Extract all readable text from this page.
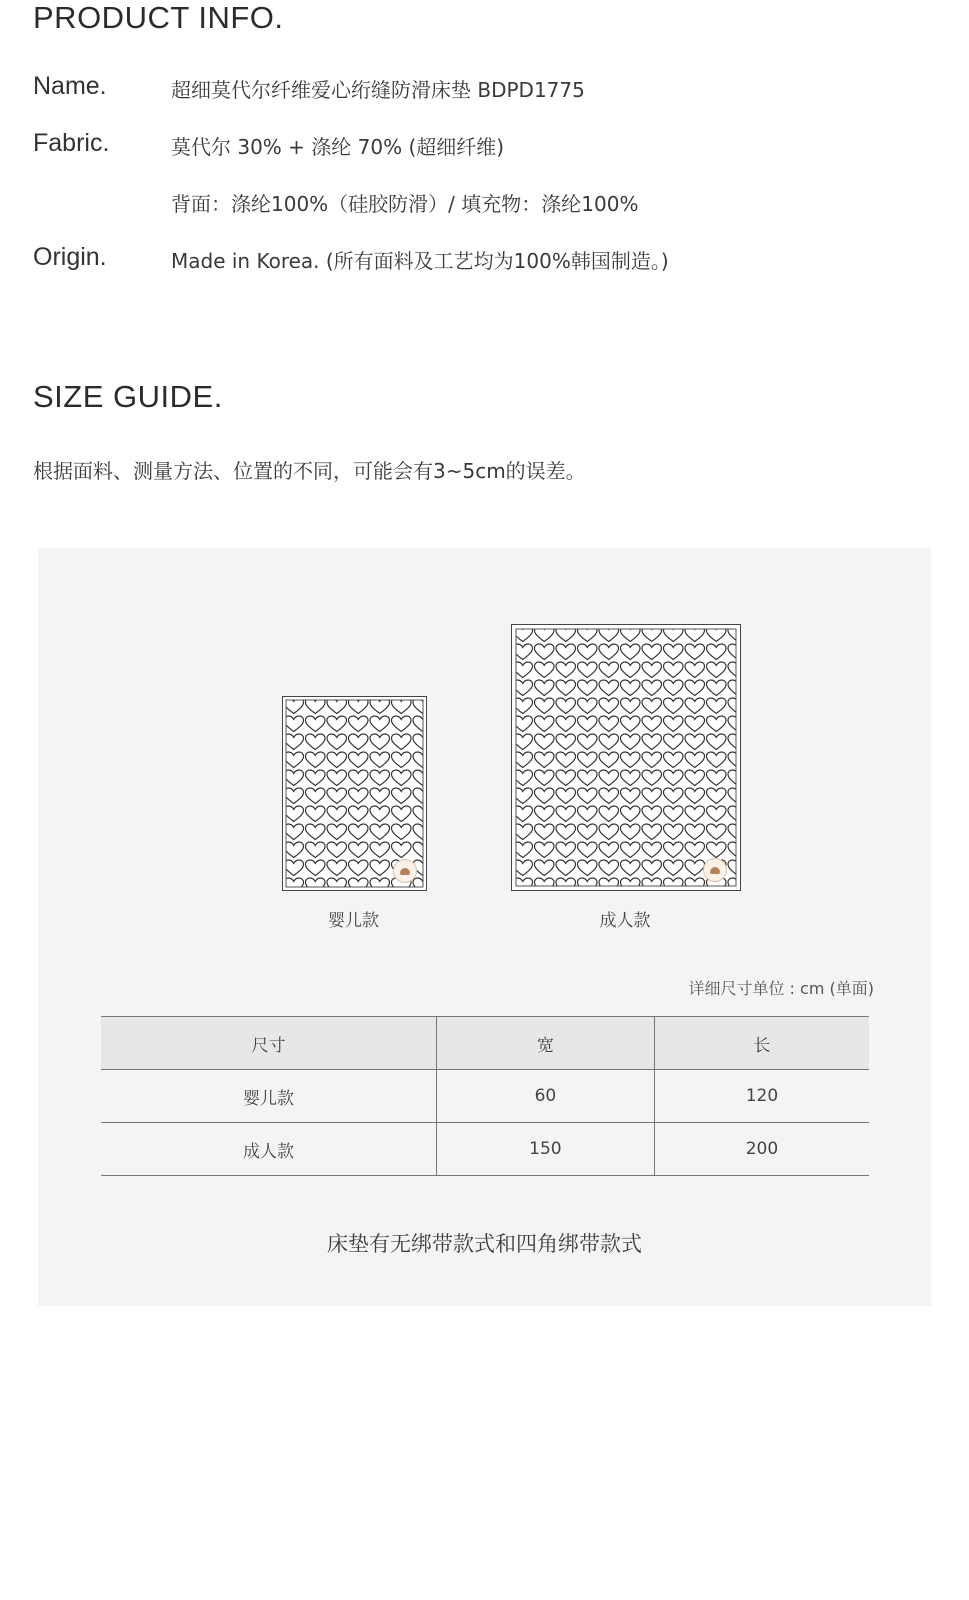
PRODUCT INFO.
Name.	超细莫代尔纤维爱心绗缝防滑床垫 BDPD1775
Fabric.	莫代尔 30% + 涤纶 70% (超细纤维)
背面：涤纶100%（硅胶防滑）/ 填充物：涤纶100%
Origin.	Made in Korea. (所有面料及工艺均为100%韩国制造。)
SIZE GUIDE.
根据面料、测量方法、位置的不同，可能会有3~5cm的误差。
婴儿款	成人款
详细尺寸单位 : cm (单面)
尺寸	宽	长
婴儿款	60	120
成人款	150	200
床垫有无绑带款式和四角绑带款式
